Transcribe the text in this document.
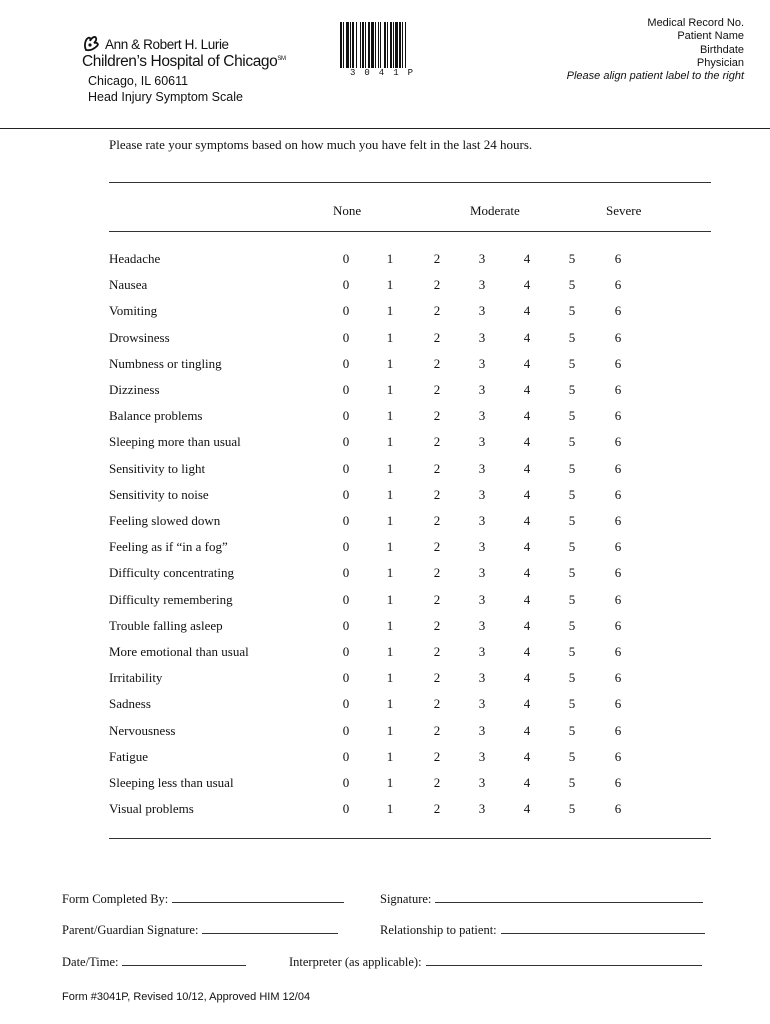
Ann & Robert H. Lurie
Children’s Hospital of Chicago℠
Chicago, IL 60611
Head Injury Symptom Scale
3041P
Medical Record No.
Patient Name
Birthdate
Physician
Please align patient label to the right
Please rate your symptoms based on how much you have felt in the last 24 hours.
None	Moderate	Severe
Headache	0	1	2	3	4	5	6
Nausea	0	1	2	3	4	5	6
Vomiting	0	1	2	3	4	5	6
Drowsiness	0	1	2	3	4	5	6
Numbness or tingling	0	1	2	3	4	5	6
Dizziness	0	1	2	3	4	5	6
Balance problems	0	1	2	3	4	5	6
Sleeping more than usual	0	1	2	3	4	5	6
Sensitivity to light	0	1	2	3	4	5	6
Sensitivity to noise	0	1	2	3	4	5	6
Feeling slowed down	0	1	2	3	4	5	6
Feeling as if “in a fog”	0	1	2	3	4	5	6
Difficulty concentrating	0	1	2	3	4	5	6
Difficulty remembering	0	1	2	3	4	5	6
Trouble falling asleep	0	1	2	3	4	5	6
More emotional than usual	0	1	2	3	4	5	6
Irritability	0	1	2	3	4	5	6
Sadness	0	1	2	3	4	5	6
Nervousness	0	1	2	3	4	5	6
Fatigue	0	1	2	3	4	5	6
Sleeping less than usual	0	1	2	3	4	5	6
Visual problems	0	1	2	3	4	5	6
Form Completed By:	Signature:
Parent/Guardian Signature:	Relationship to patient:
Date/Time:	Interpreter (as applicable):
Form #3041P, Revised 10/12, Approved HIM 12/04
